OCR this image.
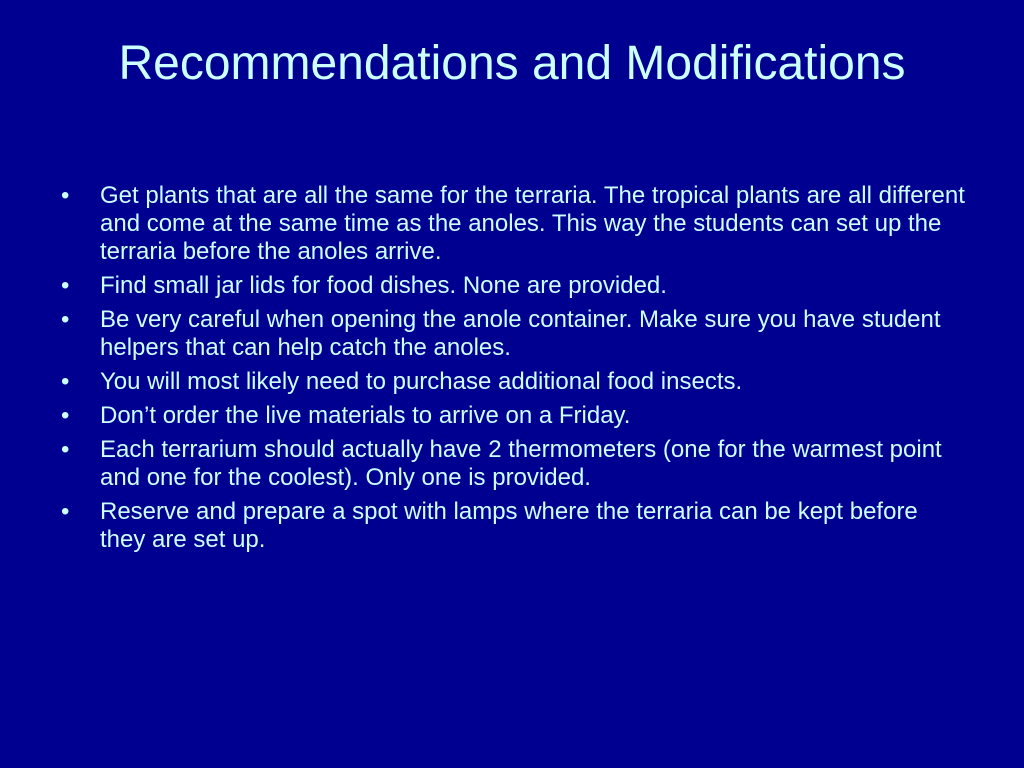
Recommendations and Modifications
• Get plants that are all the same for the terraria. The tropical plants are all different and come at the same time as the anoles. This way the students can set up the terraria before the anoles arrive.
• Find small jar lids for food dishes. None are provided.
• Be very careful when opening the anole container. Make sure you have student helpers that can help catch the anoles.
• You will most likely need to purchase additional food insects.
• Don’t order the live materials to arrive on a Friday.
• Each terrarium should actually have 2 thermometers (one for the warmest point and one for the coolest). Only one is provided.
• Reserve and prepare a spot with lamps where the terraria can be kept before they are set up.
